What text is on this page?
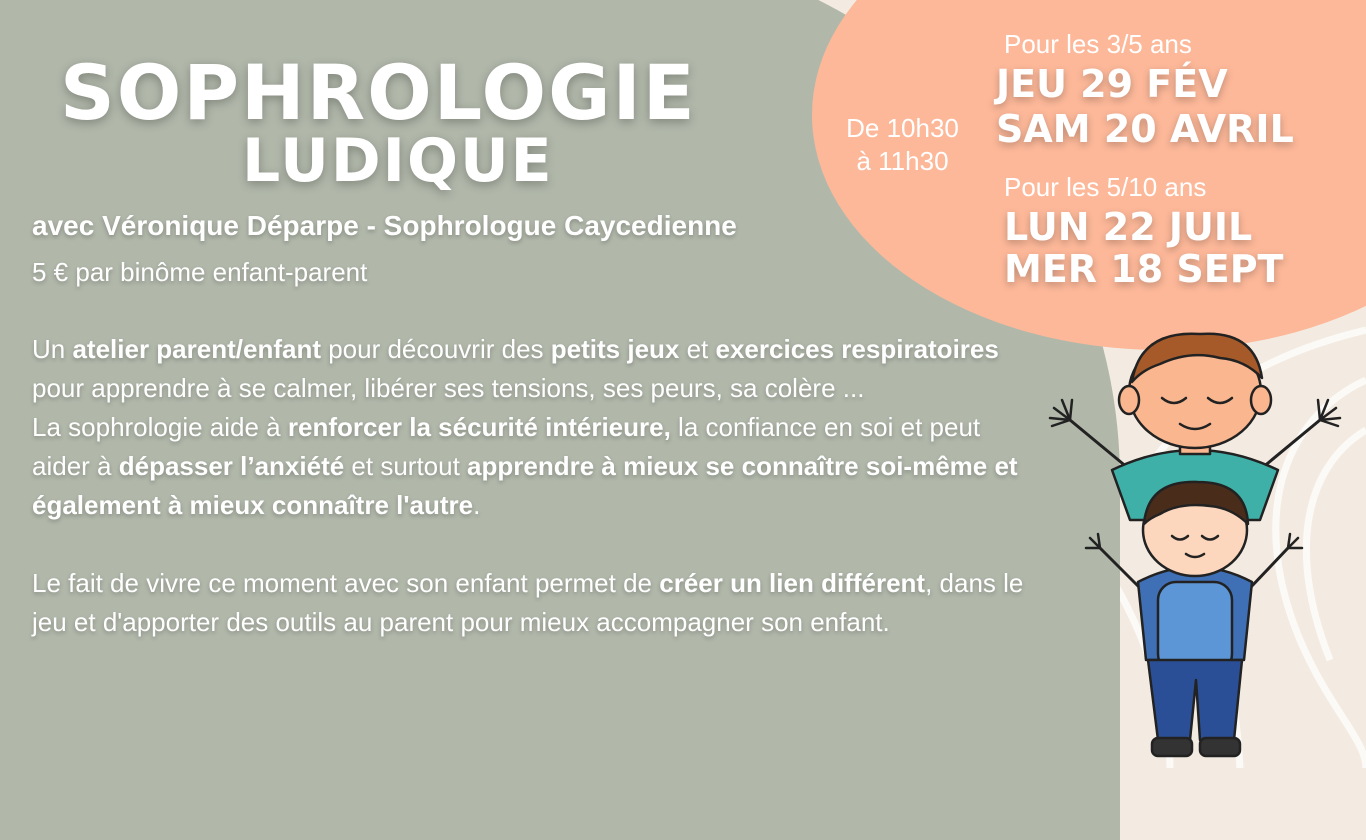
SOPHROLOGIE
LUDIQUE
avec Véronique Déparpe - Sophrologue Caycedienne
5 € par binôme enfant-parent

Un atelier parent/enfant pour découvrir des petits jeux et exercices respiratoires pour apprendre à se calmer, libérer ses tensions, ses peurs, sa colère ...

La sophrologie aide à renforcer la sécurité intérieure, la confiance en soi et peut aider à dépasser l’anxiété et surtout apprendre à mieux se connaître soi-même et également à mieux connaître l'autre.

Le fait de vivre ce moment avec son enfant permet de créer un lien différent, dans le jeu et d'apporter des outils au parent pour mieux accompagner son enfant.

De 10h30
à 11h30
Pour les 3/5 ans
JEU 29 FÉV
SAM 20 AVRIL
Pour les 5/10 ans
LUN 22 JUIL
MER 18 SEPT
